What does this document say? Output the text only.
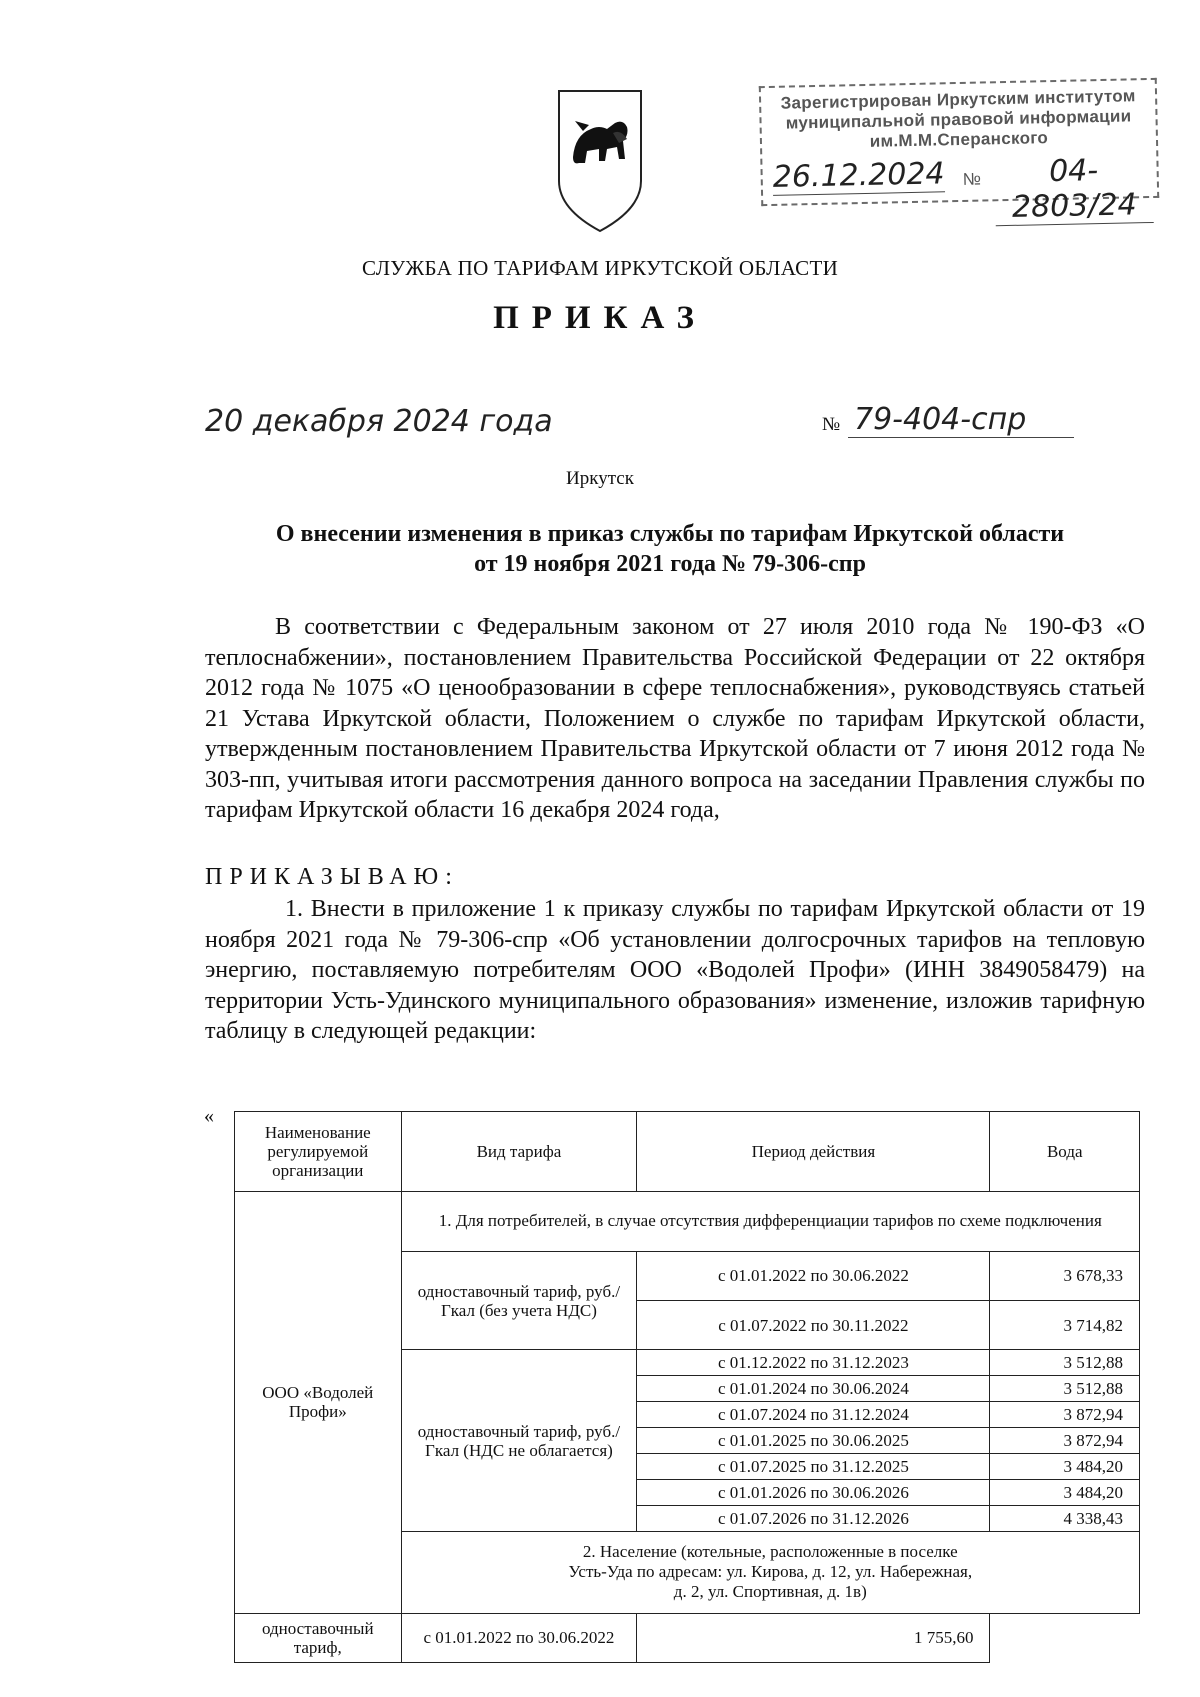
Зарегистрирован Иркутским институтом
муниципальной правовой информации
им.М.М.Сперанского
26.12.2024 №	04-2803/24
СЛУЖБА ПО ТАРИФАМ ИРКУТСКОЙ ОБЛАСТИ
ПРИКАЗ
20 декабря 2024 года	№ 79-404-спр
Иркутск
О внесении изменения в приказ службы по тарифам Иркутской области
от 19 ноября 2021 года № 79-306-спр

В соответствии с Федеральным законом от 27 июля 2010 года № 190-ФЗ «О теплоснабжении», постановлением Правительства Российской Федерации от 22 октября 2012 года № 1075 «О ценообразовании в сфере теплоснабжения», руководствуясь статьей 21 Устава Иркутской области, Положением о службе по тарифам Иркутской области, утвержденным постановлением Правительства Иркутской области от 7 июня 2012 года № 303-пп, учитывая итоги рассмотрения данного вопроса на заседании Правления службы по тарифам Иркутской области 16 декабря 2024 года,

ПРИКАЗЫВАЮ:

1. Внести в приложение 1 к приказу службы по тарифам Иркутской области от 19 ноября 2021 года № 79-306-спр «Об установлении долгосрочных тарифов на тепловую энергию, поставляемую потребителям ООО «Водолей Профи» (ИНН 3849058479) на территории Усть-Удинского муниципального образования» изменение, изложив тарифную таблицу в следующей редакции:

«
Наименование регулируемой организации	Вид тарифа	Период действия	Вода
ООО «Водолей Профи»	1. Для потребителей, в случае отсутствия дифференциации тарифов по схеме подключения		
	одноставочный тариф, руб./Гкал (без учета НДС)	с 01.01.2022 по 30.06.2022	3 678,33
		с 01.07.2022 по 30.11.2022	3 714,82
	одноставочный тариф, руб./Гкал (НДС не облагается)	с 01.12.2022 по 31.12.2023	3 512,88
		с 01.01.2024 по 30.06.2024	3 512,88
		с 01.07.2024 по 31.12.2024	3 872,94
		с 01.01.2025 по 30.06.2025	3 872,94
		с 01.07.2025 по 31.12.2025	3 484,20
		с 01.01.2026 по 30.06.2026	3 484,20
		с 01.07.2026 по 31.12.2026	4 338,43

	2. Население (котельные, расположенные в поселке
Усть-Уда по адресам: ул. Кирова, д. 12, ул. Набережная,
д. 2, ул. Спортивная, д. 1в)		

одноставочный тариф,	с 01.01.2022 по 30.06.2022	1 755,60	
